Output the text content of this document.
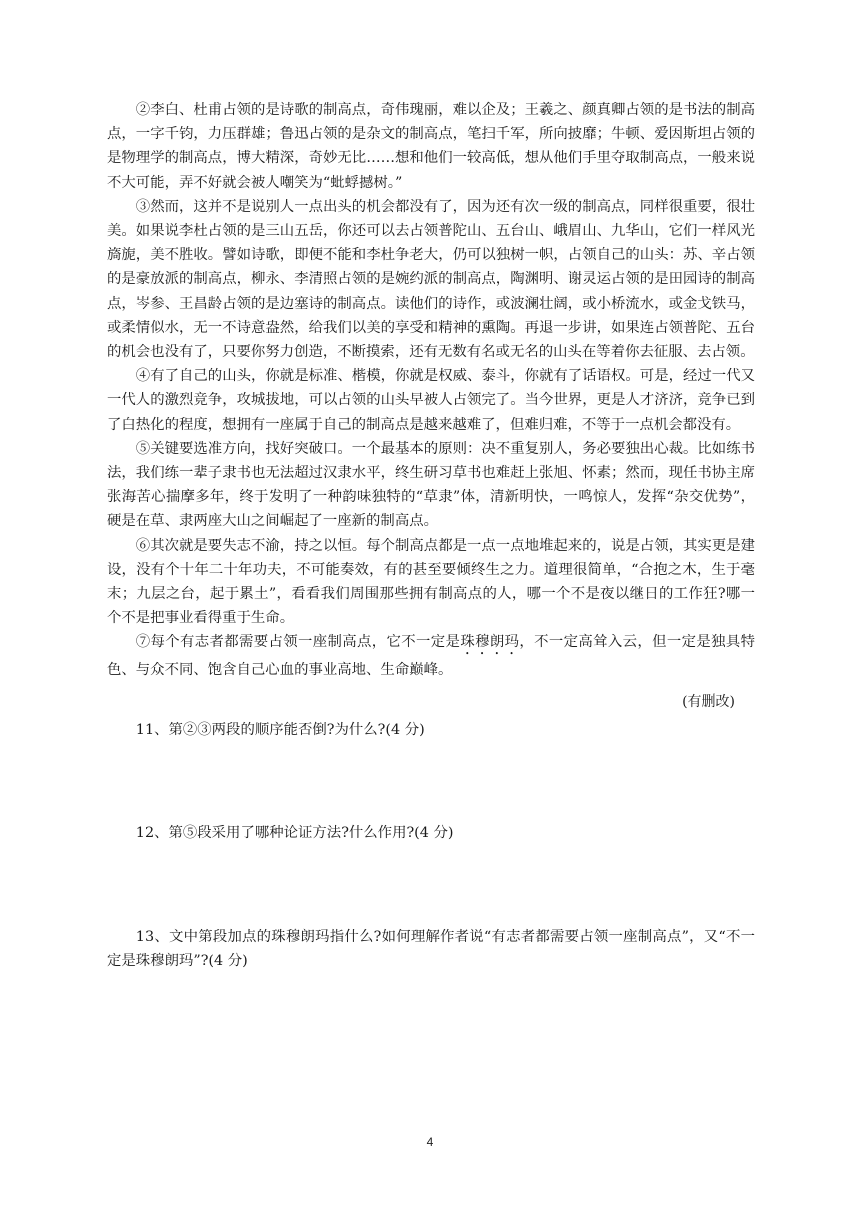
②李白、杜甫占领的是诗歌的制高点，奇伟瑰丽，难以企及；王羲之、颜真卿占领的是书法的制高点，一字千钧，力压群雄；鲁迅占领的是杂文的制高点，笔扫千军，所向披靡；牛顿、爱因斯坦占领的是物理学的制高点，博大精深，奇妙无比……想和他们一较高低，想从他们手里夺取制高点，一般来说不大可能，弄不好就会被人嘲笑为“蚍蜉撼树。”

③然而，这并不是说别人一点出头的机会都没有了，因为还有次一级的制高点，同样很重要，很壮美。如果说李杜占领的是三山五岳，你还可以去占领普陀山、五台山、峨眉山、九华山，它们一样风光旖旎，美不胜收。譬如诗歌，即便不能和李杜争老大，仍可以独树一帜，占领自己的山头：苏、辛占领的是豪放派的制高点，柳永、李清照占领的是婉约派的制高点，陶渊明、谢灵运占领的是田园诗的制高点，岑参、王昌龄占领的是边塞诗的制高点。读他们的诗作，或波澜壮阔，或小桥流水，或金戈铁马，或柔情似水，无一不诗意盎然，给我们以美的享受和精神的熏陶。再退一步讲，如果连占领普陀、五台的机会也没有了，只要你努力创造，不断摸索，还有无数有名或无名的山头在等着你去征服、去占领。

④有了自己的山头，你就是标准、楷模，你就是权威、泰斗，你就有了话语权。可是，经过一代又一代人的激烈竞争，攻城拔地，可以占领的山头早被人占领完了。当今世界，更是人才济济，竞争已到了白热化的程度，想拥有一座属于自己的制高点是越来越难了，但难归难，不等于一点机会都没有。

⑤关键要选准方向，找好突破口。一个最基本的原则：决不重复别人，务必要独出心裁。比如练书法，我们练一辈子隶书也无法超过汉隶水平，终生研习草书也难赶上张旭、怀素；然而，现任书协主席张海苦心揣摩多年，终于发明了一种韵味独特的“草隶”体，清新明快，一鸣惊人，发挥“杂交优势”，硬是在草、隶两座大山之间崛起了一座新的制高点。

⑥其次就是要失志不渝，持之以恒。每个制高点都是一点一点地堆起来的，说是占领，其实更是建设，没有个十年二十年功夫，不可能奏效，有的甚至要倾终生之力。道理很简单，“合抱之木，生于毫末；九层之台，起于累土”，看看我们周围那些拥有制高点的人，哪一个不是夜以继日的工作狂?哪一个不是把事业看得重于生命。

⑦每个有志者都需要占领一座制高点，它不一定是珠穆朗玛，不一定高耸入云，但一定是独具特色、与众不同、饱含自己心血的事业高地、生命巅峰。

(有删改)

11、第②③两段的顺序能否倒?为什么?(4 分)

12、第⑤段采用了哪种论证方法?什么作用?(4 分)

13、文中第段加点的珠穆朗玛指什么?如何理解作者说“有志者都需要占领一座制高点”，又“不一定是珠穆朗玛”?(4 分)

4
